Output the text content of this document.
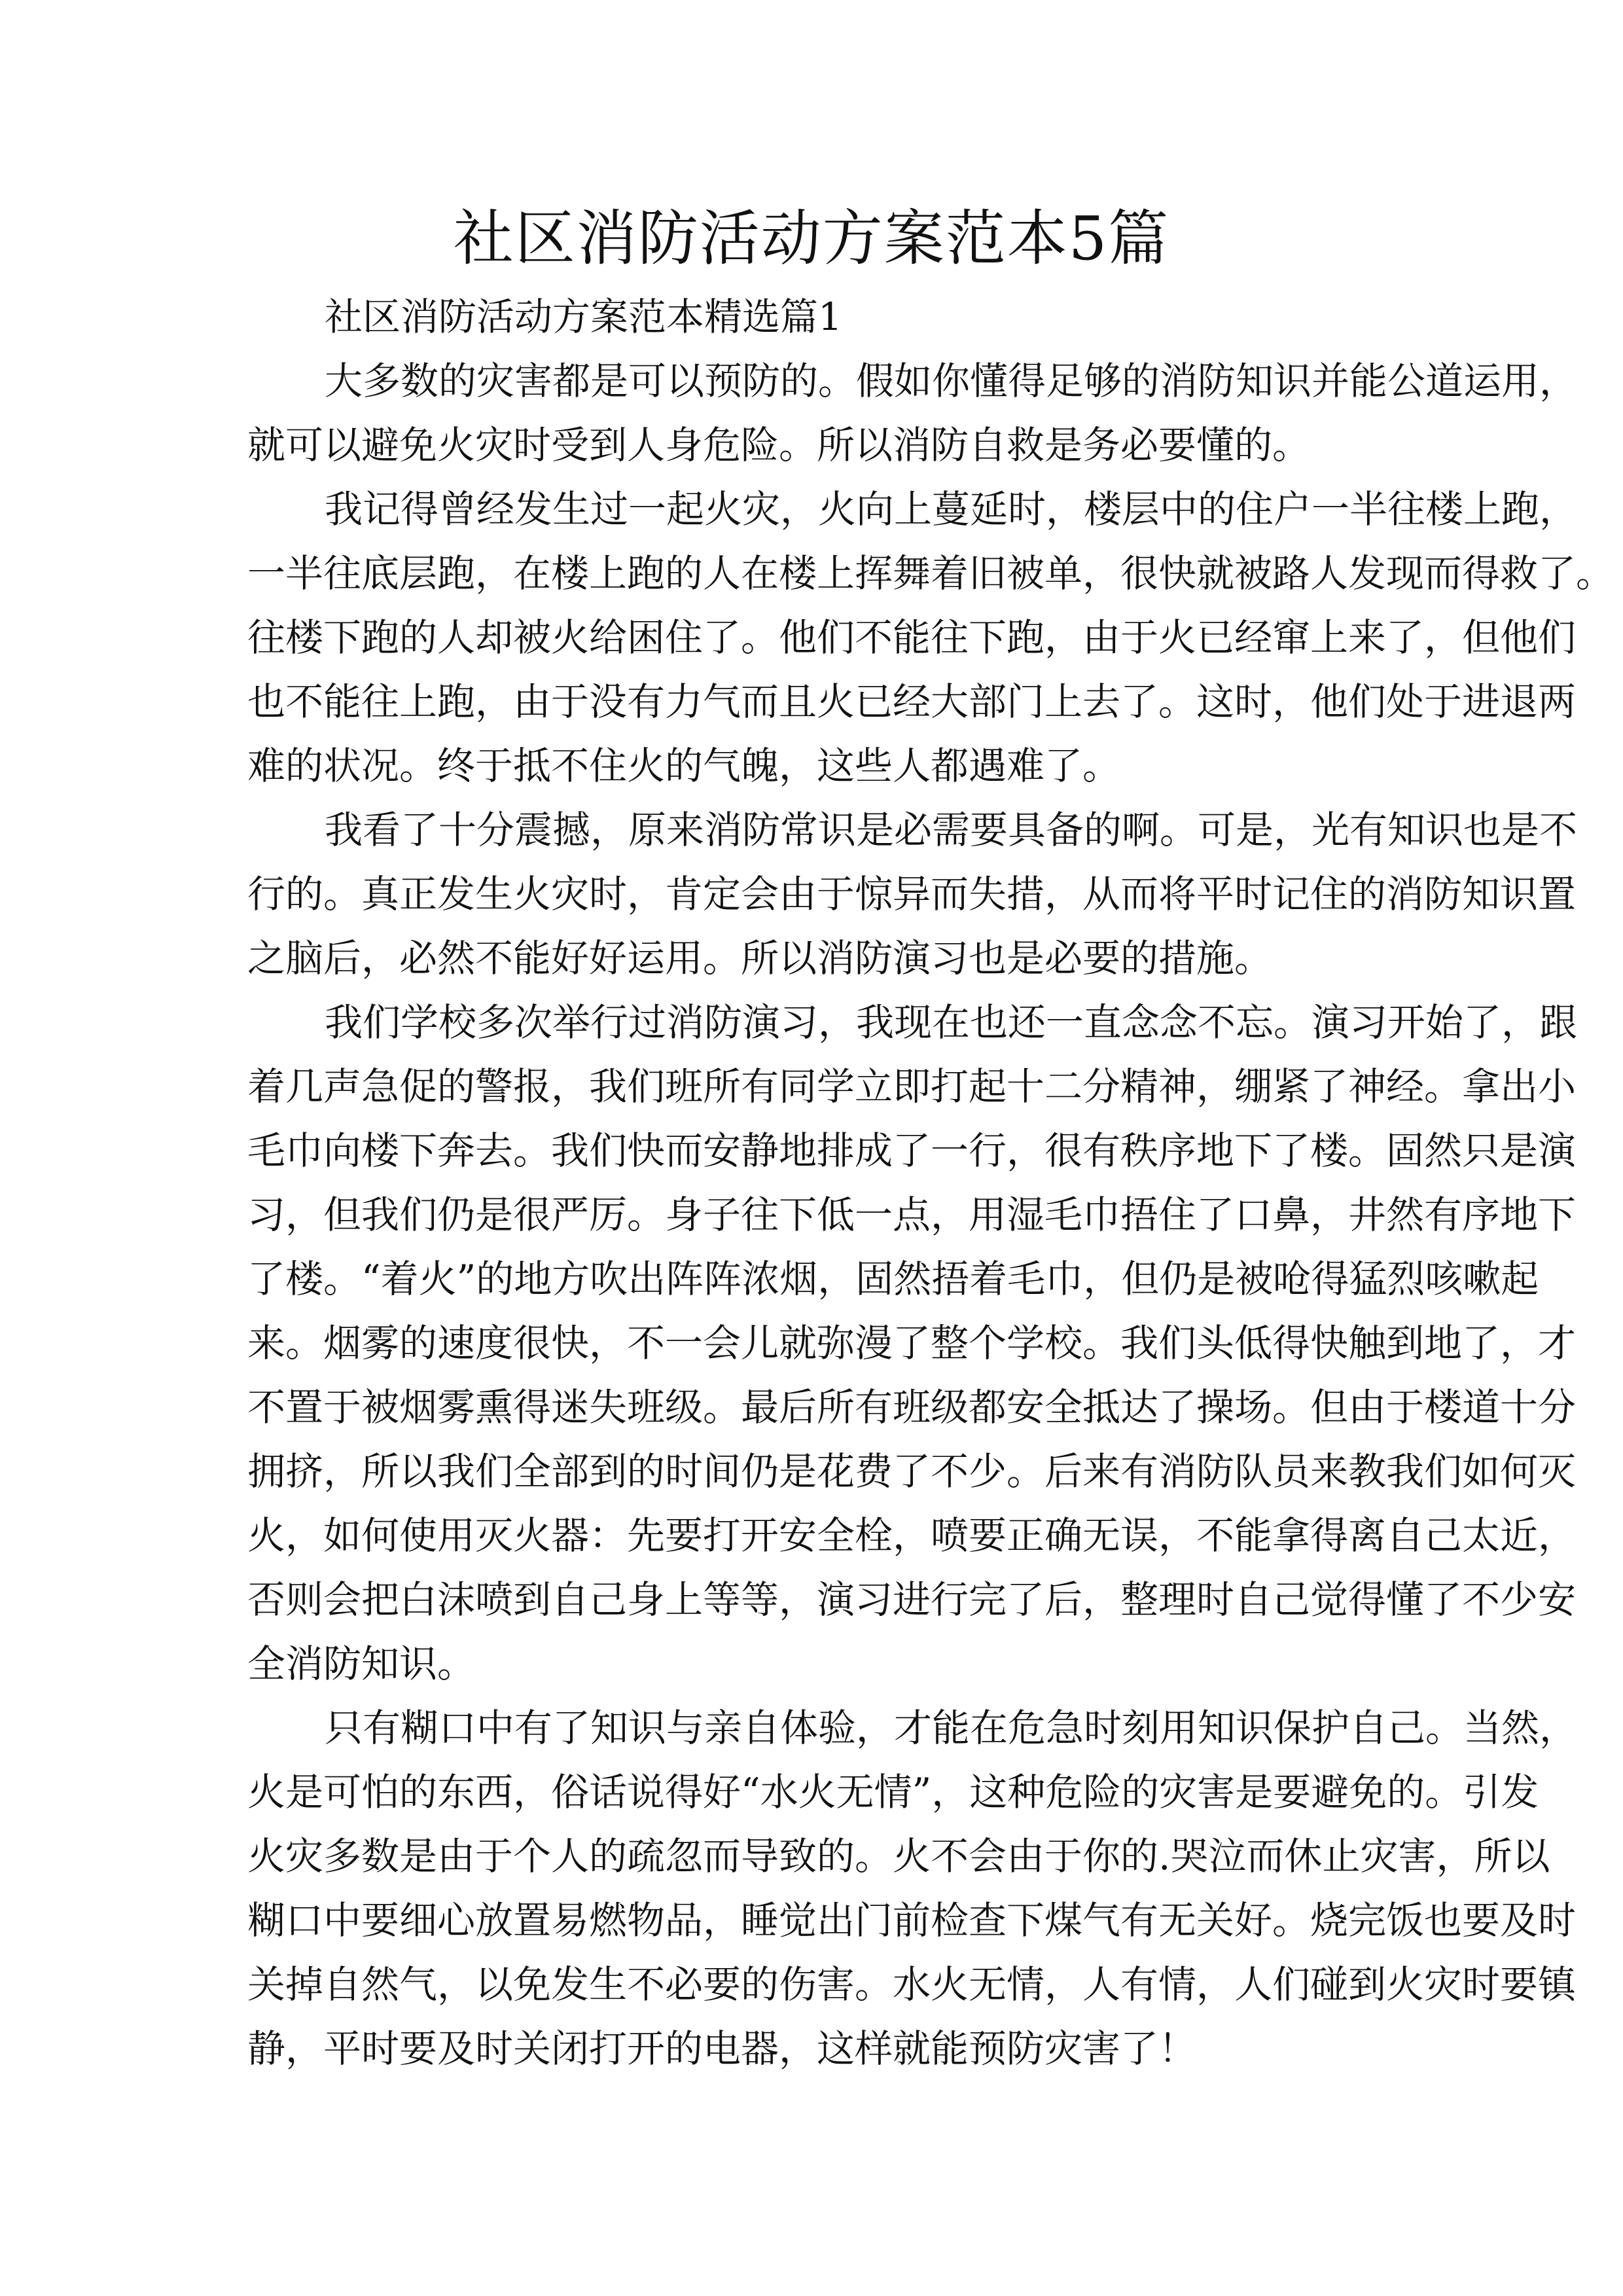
社区消防活动方案范本5篇
社区消防活动方案范本精选篇1
大多数的灾害都是可以预防的。假如你懂得足够的消防知识并能公道运用，
就可以避免火灾时受到人身危险。所以消防自救是务必要懂的。
我记得曾经发生过一起火灾，火向上蔓延时，楼层中的住户一半往楼上跑，
一半往底层跑，在楼上跑的人在楼上挥舞着旧被单，很快就被路人发现而得救了。
往楼下跑的人却被火给困住了。他们不能往下跑，由于火已经窜上来了，但他们
也不能往上跑，由于没有力气而且火已经大部门上去了。这时，他们处于进退两
难的状况。终于抵不住火的气魄，这些人都遇难了。
我看了十分震撼，原来消防常识是必需要具备的啊。可是，光有知识也是不
行的。真正发生火灾时，肯定会由于惊异而失措，从而将平时记住的消防知识置
之脑后，必然不能好好运用。所以消防演习也是必要的措施。
我们学校多次举行过消防演习，我现在也还一直念念不忘。演习开始了，跟
着几声急促的警报，我们班所有同学立即打起十二分精神，绷紧了神经。拿出小
毛巾向楼下奔去。我们快而安静地排成了一行，很有秩序地下了楼。固然只是演
习，但我们仍是很严厉。身子往下低一点，用湿毛巾捂住了口鼻，井然有序地下
了楼。“着火”的地方吹出阵阵浓烟，固然捂着毛巾，但仍是被呛得猛烈咳嗽起
来。烟雾的速度很快，不一会儿就弥漫了整个学校。我们头低得快触到地了，才
不置于被烟雾熏得迷失班级。最后所有班级都安全抵达了操场。但由于楼道十分
拥挤，所以我们全部到的时间仍是花费了不少。后来有消防队员来教我们如何灭
火，如何使用灭火器：先要打开安全栓，喷要正确无误，不能拿得离自己太近，
否则会把白沫喷到自己身上等等，演习进行完了后，整理时自己觉得懂了不少安
全消防知识。
只有糊口中有了知识与亲自体验，才能在危急时刻用知识保护自己。当然，
火是可怕的东西，俗话说得好“水火无情”，这种危险的灾害是要避免的。引发
火灾多数是由于个人的疏忽而导致的。火不会由于你的.哭泣而休止灾害，所以
糊口中要细心放置易燃物品，睡觉出门前检查下煤气有无关好。烧完饭也要及时
关掉自然气，以免发生不必要的伤害。水火无情，人有情，人们碰到火灾时要镇
静，平时要及时关闭打开的电器，这样就能预防灾害了！
